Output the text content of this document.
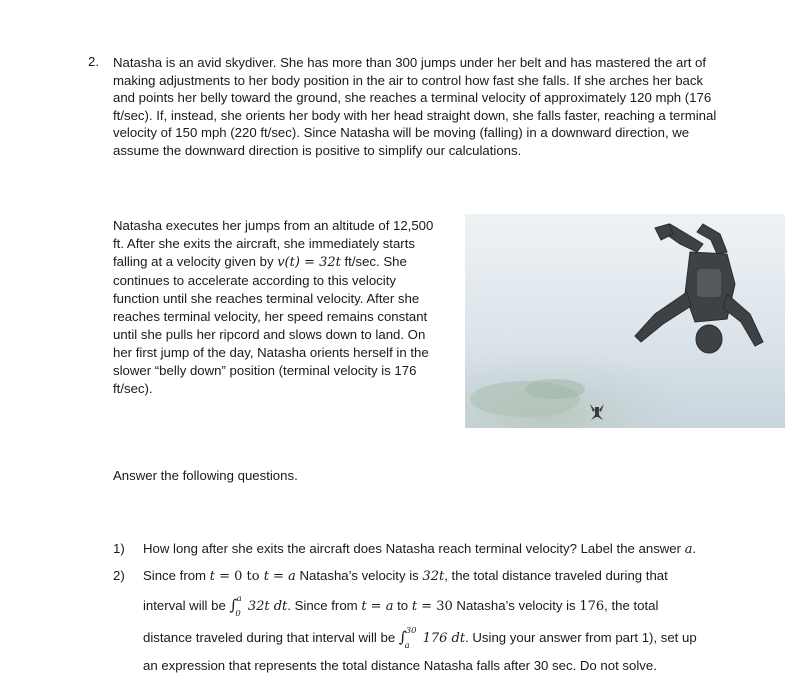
2. Natasha is an avid skydiver. She has more than 300 jumps under her belt and has mastered the art of making adjustments to her body position in the air to control how fast she falls. If she arches her back and points her belly toward the ground, she reaches a terminal velocity of approximately 120 mph (176 ft/sec). If, instead, she orients her body with her head straight down, she falls faster, reaching a terminal velocity of 150 mph (220 ft/sec). Since Natasha will be moving (falling) in a downward direction, we assume the downward direction is positive to simplify our calculations.
Natasha executes her jumps from an altitude of 12,500 ft. After she exits the aircraft, she immediately starts falling at a velocity given by v(t) = 32t ft/sec. She continues to accelerate according to this velocity function until she reaches terminal velocity. After she reaches terminal velocity, her speed remains constant until she pulls her ripcord and slows down to land. On her first jump of the day, Natasha orients herself in the slower “belly down” position (terminal velocity is 176 ft/sec).
Answer the following questions.
1) How long after she exits the aircraft does Natasha reach terminal velocity? Label the answer a.
2) Since from t = 0 to t = a Natasha’s velocity is 32t, the total distance traveled during that
interval will be $\int_0^a32t$ dt. Since from t = a to t = 30 Natasha’s velocity is 176, the total
distance traveled during that interval will be $\int_a^{30}176$ dt. Using your answer from part 1), set up
an expression that represents the total distance Natasha falls after 30 sec. Do not solve.
